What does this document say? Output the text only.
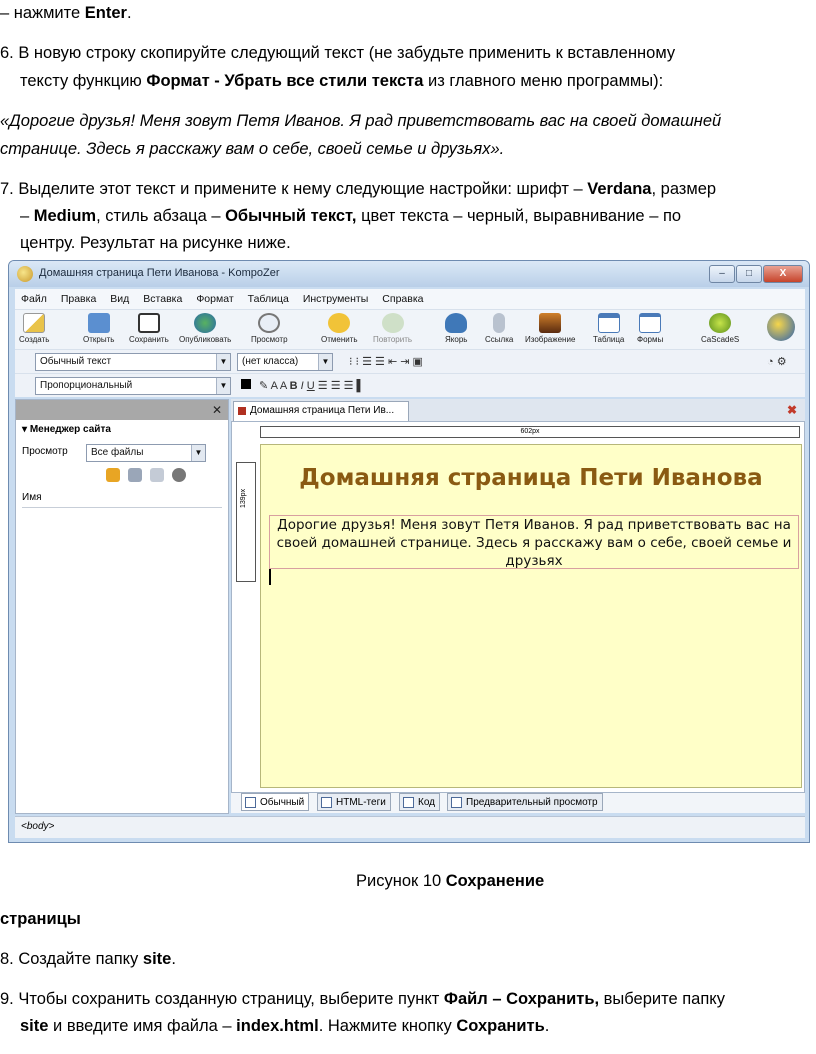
– нажмите Enter.
6. В новую строку скопируйте следующий текст (не забудьте применить к вставленному
тексту функцию Формат - Убрать все стили текста из главного меню программы):
«Дорогие друзья! Меня зовут Петя Иванов. Я рад приветствовать вас на своей домашней
странице. Здесь я расскажу вам о себе, своей семье и друзьях».
7. Выделите этот текст и примените к нему следующие настройки: шрифт – Verdana, размер
– Medium, стиль абзаца – Обычный текст, цвет текста – черный, выравнивание – по
центру. Результат на рисунке ниже.
Домашняя страница Пети Иванова - KompoZer	–	□	X
Файл Правка Вид Вставка Формат Таблица Инструменты Справка
Создать	Открыть Сохранить Опубликовать Просмотр	Отменить Повторить	Якорь Ссылка Изображение Таблица Формы	CaScadeS
Обычный текст	▼	(нет класса)	▼ ⁝ ⁝ ☰ ☰ ⇤ ⇥ ▣	◔ ⚙
Пропорциональный	▼	✎ A A B I U ☰ ☰ ☰ ▌
✕
▾ Менеджер сайта
Просмотр	Все файлы	▼
Имя
Домашняя страница Пети Ив...	✖
602px
139px
Домашняя страница Пети Иванова
Дорогие друзья! Меня зовут Петя Иванов. Я рад приветствовать вас на своей домашней странице. Здесь я расскажу вам о себе, своей семье и друзьях
Обычный	HTML-теги	Код	Предварительный просмотр
<body>
Рисунок 10 Сохранение
страницы
8. Создайте папку site.
9. Чтобы сохранить созданную страницу, выберите пункт Файл – Сохранить, выберите папку
site и введите имя файла – index.html. Нажмите кнопку Сохранить.
